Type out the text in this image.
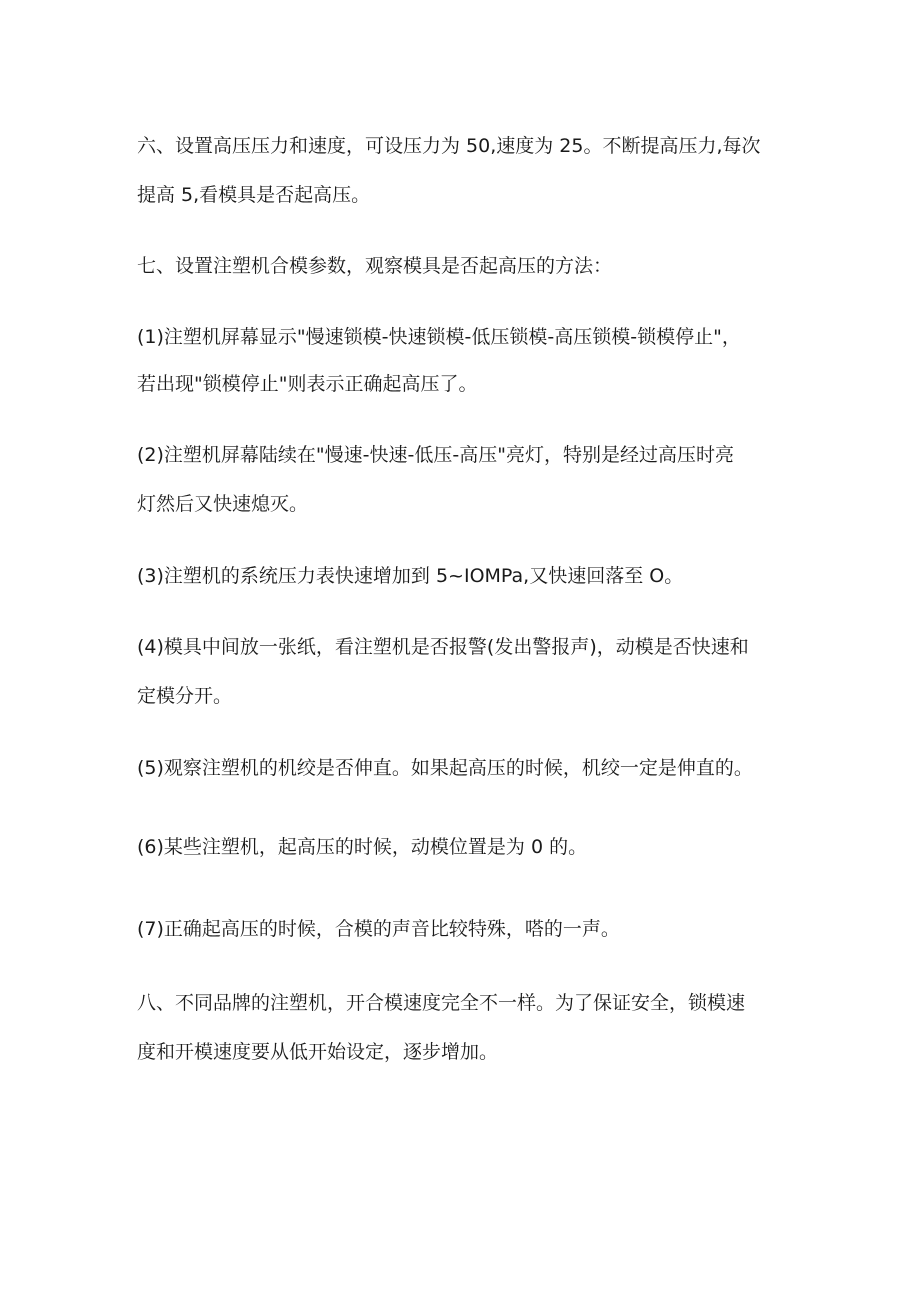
六、设置高压压力和速度，可设压力为 50,速度为 25。不断提高压力,每次

提高 5,看模具是否起高压。

七、设置注塑机合模参数，观察模具是否起高压的方法：

(1)注塑机屏幕显示"慢速锁模-快速锁模-低压锁模-高压锁模-锁模停止"，

若出现"锁模停止"则表示正确起高压了。

(2)注塑机屏幕陆续在"慢速-快速-低压-高压"亮灯，特别是经过高压时亮

灯然后又快速熄灭。

(3)注塑机的系统压力表快速增加到 5~IOMPa,又快速回落至 O。

(4)模具中间放一张纸，看注塑机是否报警(发出警报声)，动模是否快速和

定模分开。

(5)观察注塑机的机绞是否伸直。如果起高压的时候，机绞一定是伸直的。

(6)某些注塑机，起高压的时候，动模位置是为 0 的。

(7)正确起高压的时候，合模的声音比较特殊，嗒的一声。

八、不同品牌的注塑机，开合模速度完全不一样。为了保证安全，锁模速

度和开模速度要从低开始设定，逐步增加。
